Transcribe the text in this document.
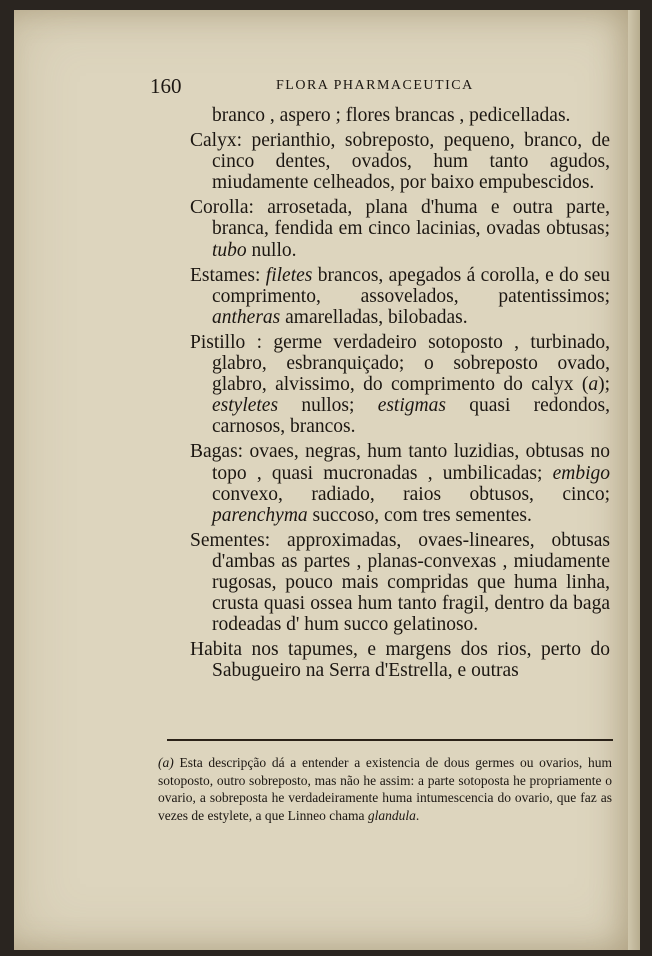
160	FLORA PHARMACEUTICA

branco , aspero ; flores brancas , pedicelladas.

Calyx: perianthio, sobreposto, pequeno, branco, de cinco dentes, ovados, hum tanto agudos, miudamente celheados, por baixo empubescidos.

Corolla: arrosetada, plana d'huma e outra parte, branca, fendida em cinco lacinias, ovadas obtusas; tubo nullo.

Estames: filetes brancos, apegados á corolla, e do seu comprimento, assovelados, patentissimos; antheras amarelladas, bilobadas.

Pistillo : germe verdadeiro sotoposto , turbinado, glabro, esbranquiçado; o sobreposto ovado, glabro, alvissimo, do comprimento do calyx (a); estyletes nullos; estigmas quasi redondos, carnosos, brancos.

Bagas: ovaes, negras, hum tanto luzidias, obtusas no topo , quasi mucronadas , umbilicadas; embigo convexo, radiado, raios obtusos, cinco; parenchyma succoso, com tres sementes.

Sementes: approximadas, ovaes-lineares, obtusas d'ambas as partes , planas-convexas , miudamente rugosas, pouco mais compridas que huma linha, crusta quasi ossea hum tanto fragil, dentro da baga rodeadas d' hum succo gelatinoso.

Habita nos tapumes, e margens dos rios, perto do Sabugueiro na Serra d'Estrella, e outras

(a) Esta descripção dá a entender a existencia de dous germes ou ovarios, hum sotoposto, outro sobreposto, mas não he assim: a parte sotoposta he propriamente o ovario, a sobreposta he verdadeiramente huma intumescencia do ovario, que faz as vezes de estylete, a que Linneo chama glandula.
